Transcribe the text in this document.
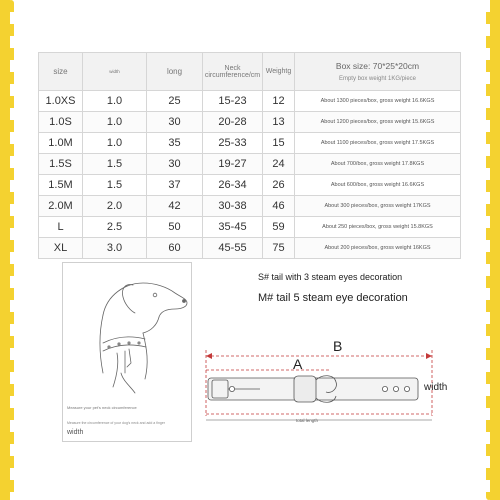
size	width	long	Neck circumference/cm	Weightg	Box size: 70*25*20cm
Empty box weight 1KG/piece

1.0XS	1.0	25	15-23	12	About 1300 pieces/box, gross weight 16.6KGS
1.0S	1.0	30	20-28	13	About 1200 pieces/box, gross weight 15.6KGS
1.0M	1.0	35	25-33	15	About 1100 pieces/box, gross weight 17.5KGS
1.5S	1.5	30	19-27	24	About 700/box, gross weight 17.8KGS
1.5M	1.5	37	26-34	26	About 600/box, gross weight 16.6KGS
2.0M	2.0	42	30-38	46	About 300 pieces/box, gross weight 17KGS
L	2.5	50	35-45	59	About 250 pieces/box, gross weight 15.8KGS
XL	3.0	60	45-55	75	About 200 pieces/box, gross weight 16KGS
Measure your pet's neck circumference
Measure the circumference of your dog's neck and add a finger
width
S# tail with 3 steam eyes decoration
M# tail 5 steam eye decoration
B
A
width
total length
